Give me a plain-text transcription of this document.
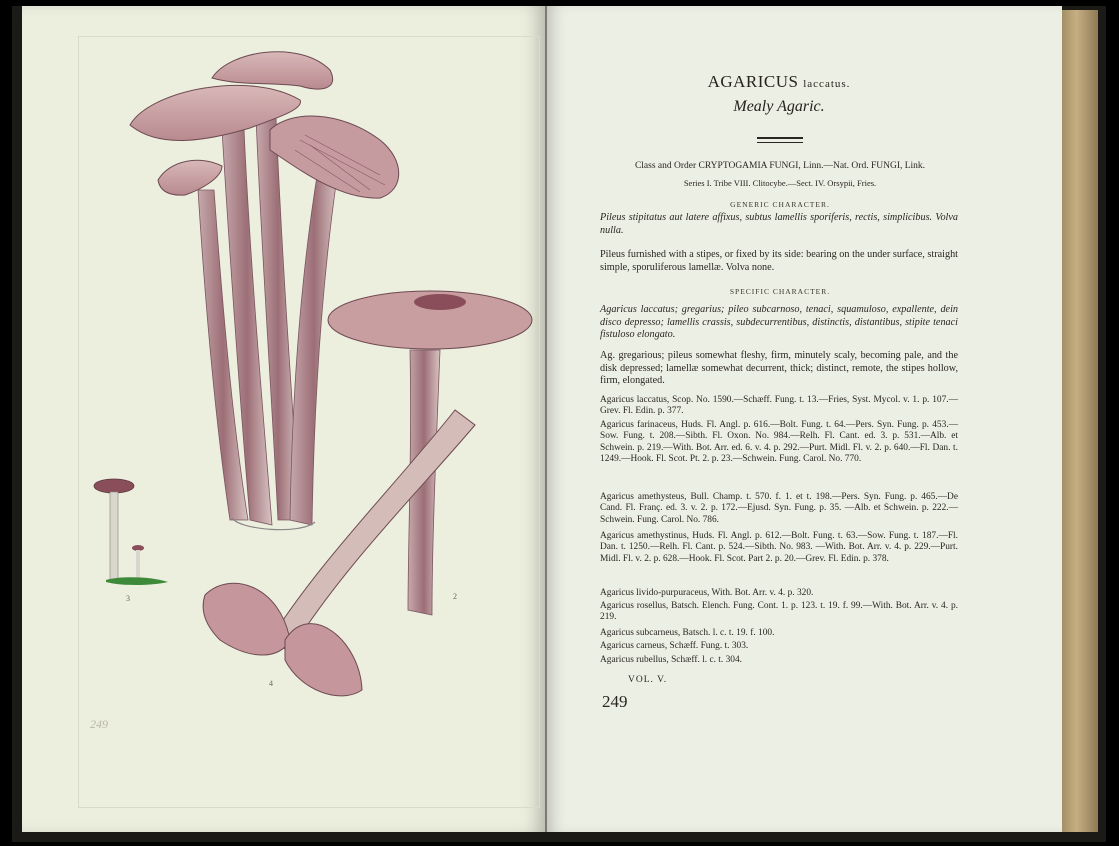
3	2
4
249
AGARICUS laccatus.
Mealy Agaric.
Class and Order CRYPTOGAMIA FUNGI, Linn.—Nat. Ord. FUNGI, Link.
Series I. Tribe VIII. Clitocybe.—Sect. IV. Orsypii, Fries.
GENERIC CHARACTER.
Pileus stipitatus aut latere affixus, subtus lamellis sporiferis, rectis, simplicibus. Volva nulla.
Pileus furnished with a stipes, or fixed by its side: bearing on the under surface, straight simple, sporuliferous lamellæ. Volva none.
SPECIFIC CHARACTER.
Agaricus laccatus; gregarius; pileo subcarnoso, tenaci, squamuloso, expallente, dein disco depresso; lamellis crassis, subdecurrentibus, distinctis, distantibus, stipite tenaci fistuloso elongato.
Ag. gregarious; pileus somewhat fleshy, firm, minutely scaly, becoming pale, and the disk depressed; lamellæ somewhat decurrent, thick; distinct, remote, the stipes hollow, firm, elongated.
Agaricus laccatus, Scop. No. 1590.—Schæff. Fung. t. 13.—Fries, Syst. Mycol. v. 1. p. 107.—Grev. Fl. Edin. p. 377.
Agaricus farinaceus, Huds. Fl. Angl. p. 616.—Bolt. Fung. t. 64.—Pers. Syn. Fung. p. 453.—Sow. Fung. t. 208.—Sibth. Fl. Oxon. No. 984.—Relh. Fl. Cant. ed. 3. p. 531.—Alb. et Schwein. p. 219.—With. Bot. Arr. ed. 6. v. 4. p. 292.—Purt. Midl. Fl. v. 2. p. 640.—Fl. Dan. t. 1249.—Hook. Fl. Scot. Pt. 2. p. 23.—Schwein. Fung. Carol. No. 770.
Agaricus amethysteus, Bull. Champ. t. 570. f. 1. et t. 198.—Pers. Syn. Fung. p. 465.—De Cand. Fl. Franç. ed. 3. v. 2. p. 172.—Ejusd. Syn. Fung. p. 35. —Alb. et Schwein. p. 222.—Schwein. Fung. Carol. No. 786.
Agaricus amethystinus, Huds. Fl. Angl. p. 612.—Bolt. Fung. t. 63.—Sow. Fung. t. 187.—Fl. Dan. t. 1250.—Relh. Fl. Cant. p. 524.—Sibth. No. 983. —With. Bot. Arr. v. 4. p. 229.—Purt. Midl. Fl. v. 2. p. 628.—Hook. Fl. Scot. Part 2. p. 20.—Grev. Fl. Edin. p. 378.
Agaricus livido-purpuraceus, With. Bot. Arr. v. 4. p. 320.
Agaricus rosellus, Batsch. Elench. Fung. Cont. 1. p. 123. t. 19. f. 99.—With. Bot. Arr. v. 4. p. 219.
Agaricus subcarneus, Batsch. l. c. t. 19. f. 100.
Agaricus carneus, Schæff. Fung. t. 303.
Agaricus rubellus, Schæff. l. c. t. 304.
VOL. V.
249
